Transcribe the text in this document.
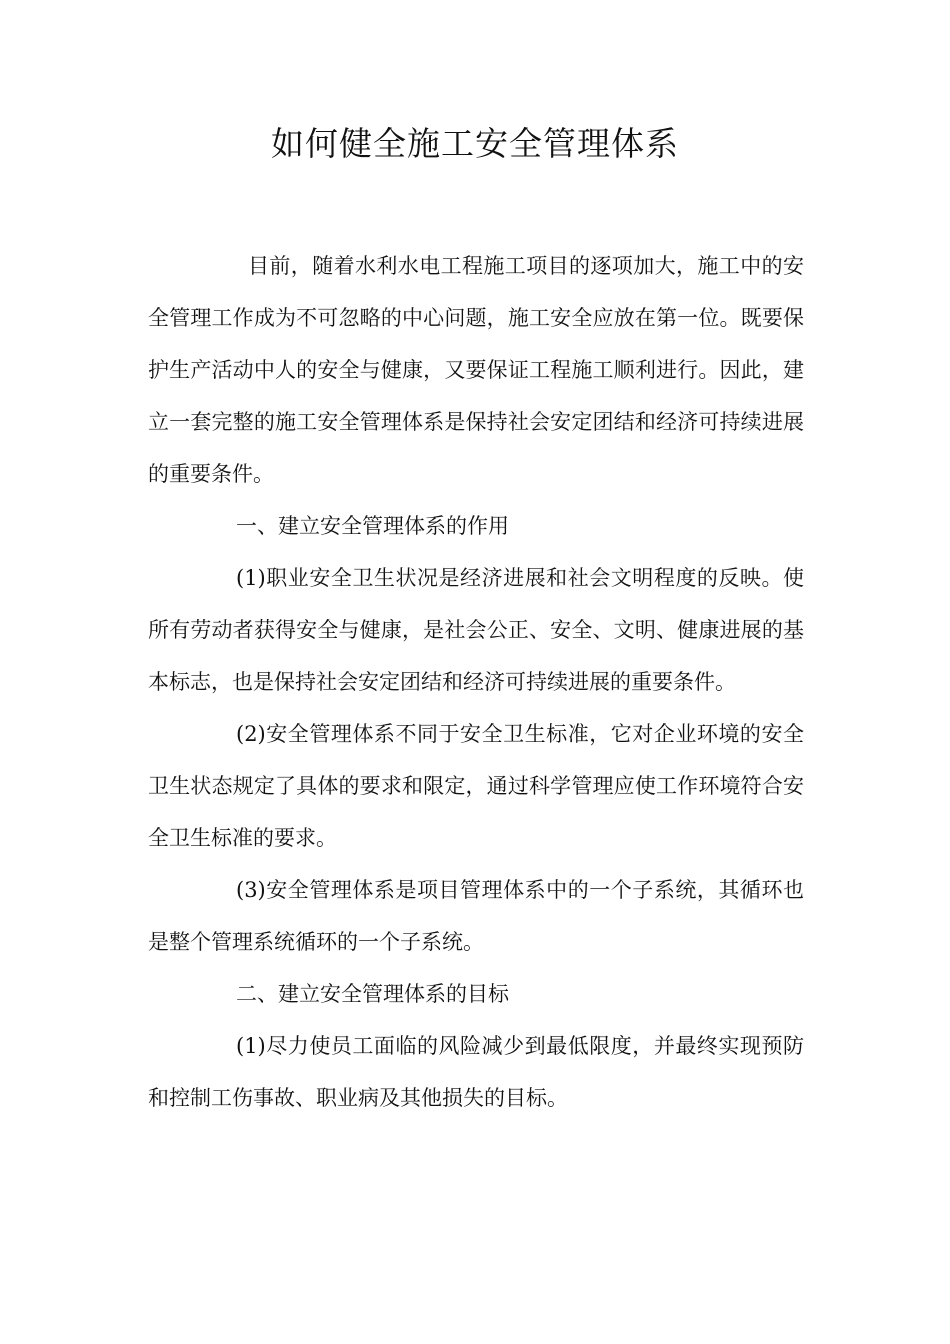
如何健全施工安全管理体系

目前，随着水利水电工程施工项目的逐项加大，施工中的安全管理工作成为不可忽略的中心问题，施工安全应放在第一位。既要保护生产活动中人的安全与健康，又要保证工程施工顺利进行。因此，建立一套完整的施工安全管理体系是保持社会安定团结和经济可持续进展的重要条件。

一、建立安全管理体系的作用

(1)职业安全卫生状况是经济进展和社会文明程度的反映。使所有劳动者获得安全与健康，是社会公正、安全、文明、健康进展的基本标志，也是保持社会安定团结和经济可持续进展的重要条件。

(2)安全管理体系不同于安全卫生标准，它对企业环境的安全卫生状态规定了具体的要求和限定，通过科学管理应使工作环境符合安全卫生标准的要求。

(3)安全管理体系是项目管理体系中的一个子系统，其循环也是整个管理系统循环的一个子系统。

二、建立安全管理体系的目标

(1)尽力使员工面临的风险减少到最低限度，并最终实现预防和控制工伤事故、职业病及其他损失的目标。
